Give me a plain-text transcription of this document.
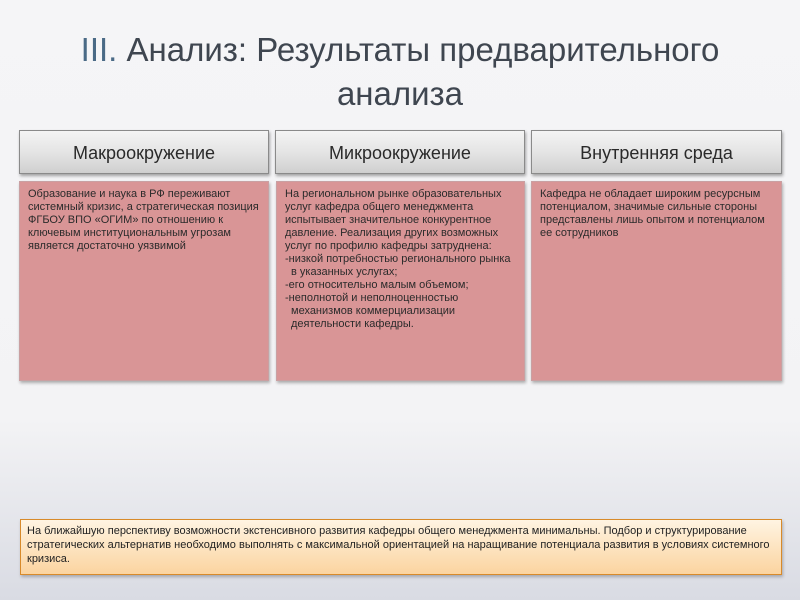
III. Анализ: Результаты предварительного
анализа
Макроокружение	Микроокружение	Внутренняя среда

Образование и наука в РФ переживают системный кризис, а стратегическая позиция ФГБОУ ВПО «ОГИМ» по отношению к ключевым институциональным угрозам является достаточно уязвимой

На региональном рынке образовательных услуг кафедра общего менеджмента испытывает значительное конкурентное давление. Реализация других возможных услуг по профилю кафедры затруднена:

- низкой потребностью регионального рынка в указанных услугах;
- его относительно малым объемом;
- неполнотой и неполноценностью механизмов коммерциализации деятельности кафедры.

Кафедра не обладает широким ресурсным потенциалом, значимые сильные стороны представлены лишь опытом и потенциалом ее сотрудников

На ближайшую перспективу возможности экстенсивного развития кафедры общего менеджмента минимальны. Подбор и структурирование стратегических альтернатив необходимо выполнять с максимальной ориентацией на наращивание потенциала развития в условиях системного кризиса.
